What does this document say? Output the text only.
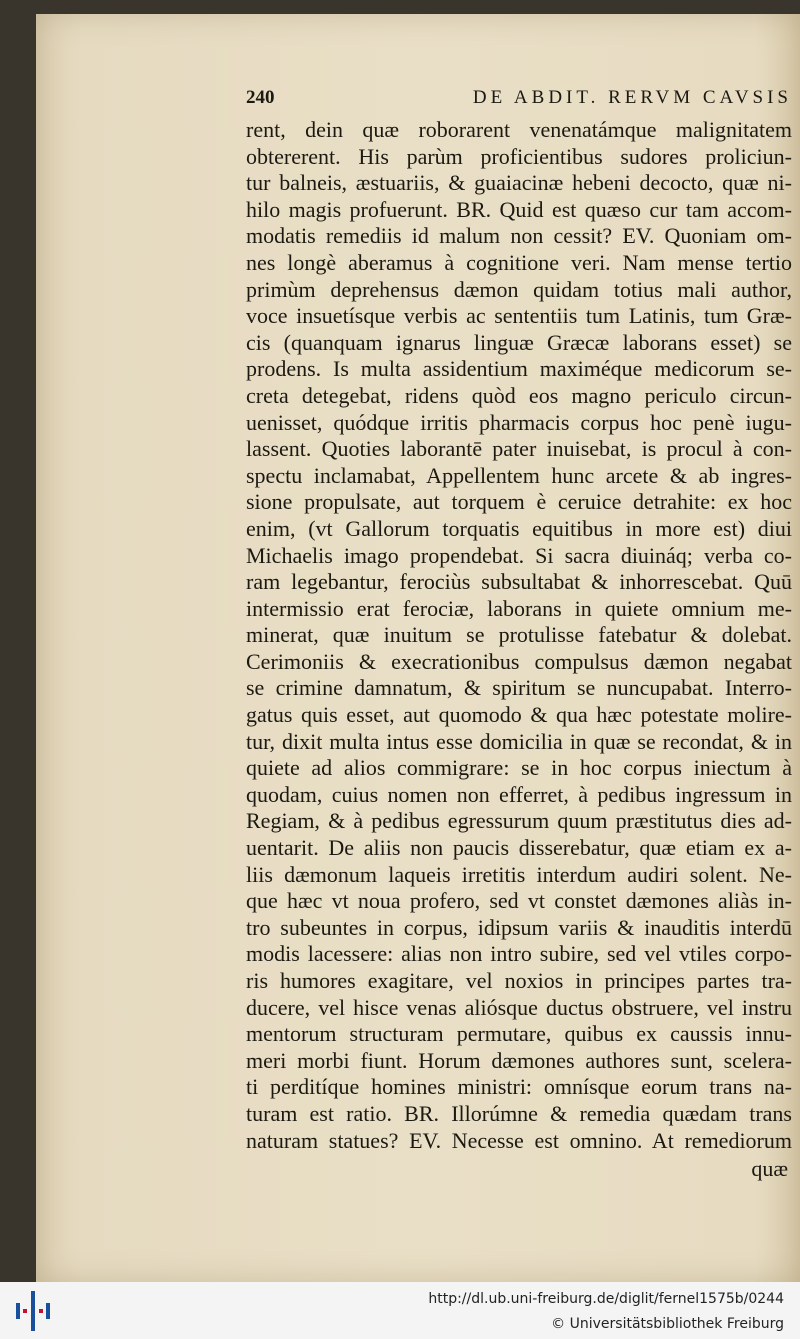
240	DE ABDIT. RERVM CAVSIS
rent, dein quæ roborarent venenatámque malignitatem
obtererent. His parùm proficientibus sudores proliciun-
tur balneis, æstuariis, & guaiacinæ hebeni decocto, quæ ni-
hilo magis profuerunt. BR. Quid est quæso cur tam accom-
modatis remediis id malum non cessit? EV. Quoniam om-
nes longè aberamus à cognitione veri. Nam mense tertio
primùm deprehensus dæmon quidam totius mali author,
voce insuetísque verbis ac sententiis tum Latinis, tum Græ-
cis (quanquam ignarus linguæ Græcæ laborans esset) se
prodens. Is multa assidentium maximéque medicorum se-
creta detegebat, ridens quòd eos magno periculo circun-
uenisset, quódque irritis pharmacis corpus hoc penè iugu-
lassent. Quoties laborantē pater inuisebat, is procul à con-
spectu inclamabat, Appellentem hunc arcete & ab ingres-
sione propulsate, aut torquem è ceruice detrahite: ex hoc
enim, (vt Gallorum torquatis equitibus in more est) diui
Michaelis imago propendebat. Si sacra diuináq; verba co-
ram legebantur, ferociùs subsultabat & inhorrescebat. Quū
intermissio erat ferociæ, laborans in quiete omnium me-
minerat, quæ inuitum se protulisse fatebatur & dolebat.
Cerimoniis & execrationibus compulsus dæmon negabat
se crimine damnatum, & spiritum se nuncupabat. Interro-
gatus quis esset, aut quomodo & qua hæc potestate molire-
tur, dixit multa intus esse domicilia in quæ se recondat, & in
quiete ad alios commigrare: se in hoc corpus iniectum à
quodam, cuius nomen non efferret, à pedibus ingressum in
Regiam, & à pedibus egressurum quum præstitutus dies ad-
uentarit. De aliis non paucis disserebatur, quæ etiam ex a-
liis dæmonum laqueis irretitis interdum audiri solent. Ne-
que hæc vt noua profero, sed vt constet dæmones aliàs in-
tro subeuntes in corpus, idipsum variis & inauditis interdū
modis lacessere: alias non intro subire, sed vel vtiles corpo-
ris humores exagitare, vel noxios in principes partes tra-
ducere, vel hisce venas aliósque ductus obstruere, vel instru
mentorum structuram permutare, quibus ex caussis innu-
meri morbi fiunt. Horum dæmones authores sunt, scelera-
ti perditíque homines ministri: omnísque eorum trans na-
turam est ratio. BR. Illorúmne & remedia quædam trans
naturam statues? EV. Necesse est omnino. At remediorum
quæ
http://dl.ub.uni-freiburg.de/diglit/fernel1575b/0244
© Universitätsbibliothek Freiburg
